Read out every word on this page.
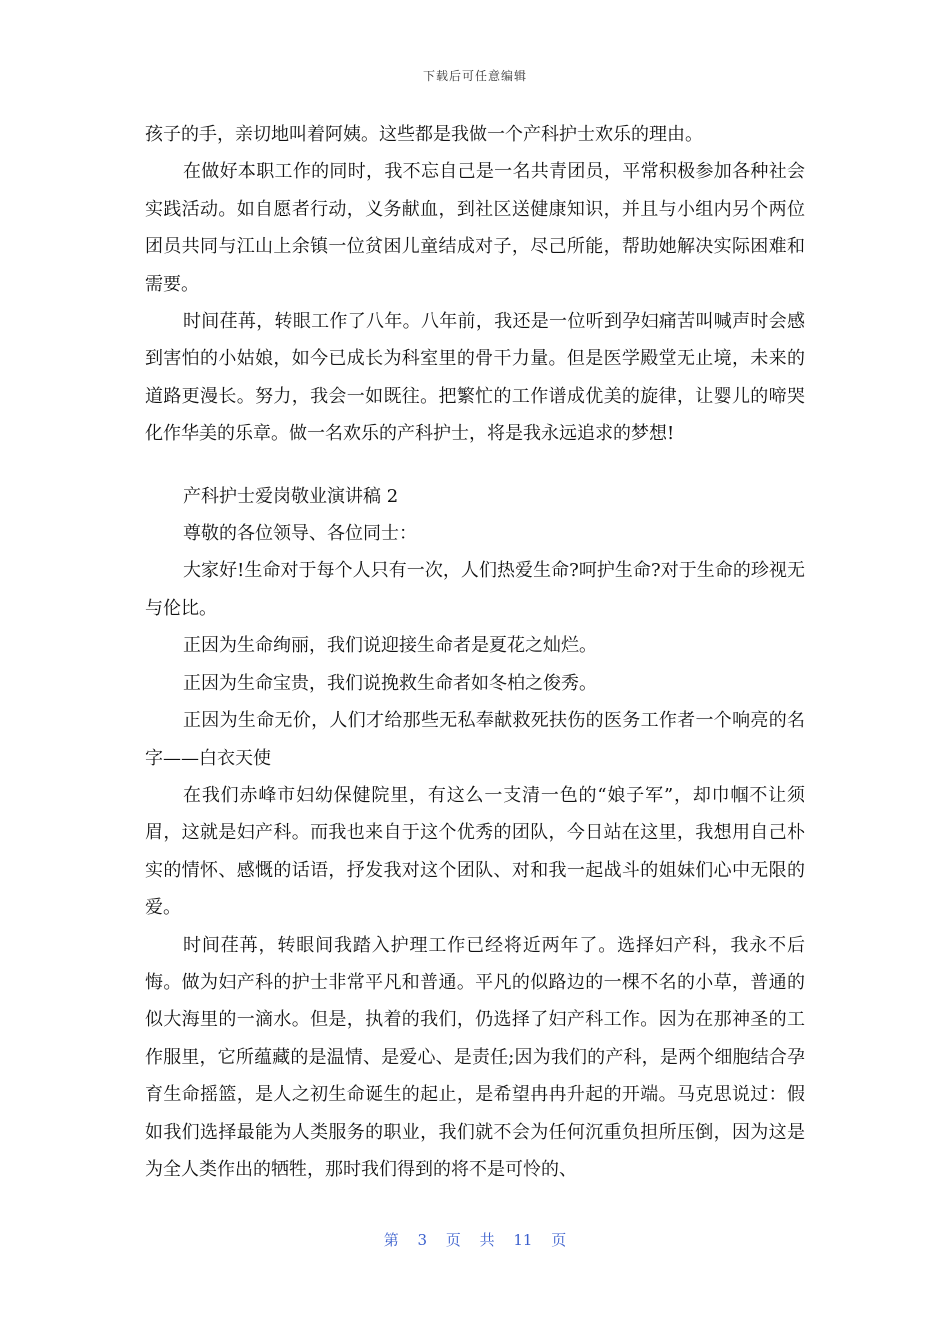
下载后可任意编辑

孩子的手，亲切地叫着阿姨。这些都是我做一个产科护士欢乐的理由。

在做好本职工作的同时，我不忘自己是一名共青团员，平常积极参加各种社会实践活动。如自愿者行动，义务献血，到社区送健康知识，并且与小组内另个两位团员共同与江山上余镇一位贫困儿童结成对子，尽己所能，帮助她解决实际困难和需要。

时间荏苒，转眼工作了八年。八年前，我还是一位听到孕妇痛苦叫喊声时会感到害怕的小姑娘，如今已成长为科室里的骨干力量。但是医学殿堂无止境，未来的道路更漫长。努力，我会一如既往。把繁忙的工作谱成优美的旋律，让婴儿的啼哭化作华美的乐章。做一名欢乐的产科护士，将是我永远追求的梦想!

产科护士爱岗敬业演讲稿 2

尊敬的各位领导、各位同士：

大家好!生命对于每个人只有一次，人们热爱生命?呵护生命?对于生命的珍视无与伦比。

正因为生命绚丽，我们说迎接生命者是夏花之灿烂。

正因为生命宝贵，我们说挽救生命者如冬柏之俊秀。

正因为生命无价，人们才给那些无私奉献救死扶伤的医务工作者一个响亮的名字——白衣天使

在我们赤峰市妇幼保健院里，有这么一支清一色的“娘子军”，却巾帼不让须眉，这就是妇产科。而我也来自于这个优秀的团队，今日站在这里，我想用自己朴实的情怀、感慨的话语，抒发我对这个团队、对和我一起战斗的姐妹们心中无限的爱。

时间荏苒，转眼间我踏入护理工作已经将近两年了。选择妇产科，我永不后悔。做为妇产科的护士非常平凡和普通。平凡的似路边的一棵不名的小草，普通的似大海里的一滴水。但是，执着的我们，仍选择了妇产科工作。因为在那神圣的工作服里，它所蕴藏的是温情、是爱心、是责任;因为我们的产科，是两个细胞结合孕育生命摇篮，是人之初生命诞生的起止，是希望冉冉升起的开端。马克思说过：假如我们选择最能为人类服务的职业，我们就不会为任何沉重负担所压倒，因为这是为全人类作出的牺牲，那时我们得到的将不是可怜的、

第 3 页 共 11 页
